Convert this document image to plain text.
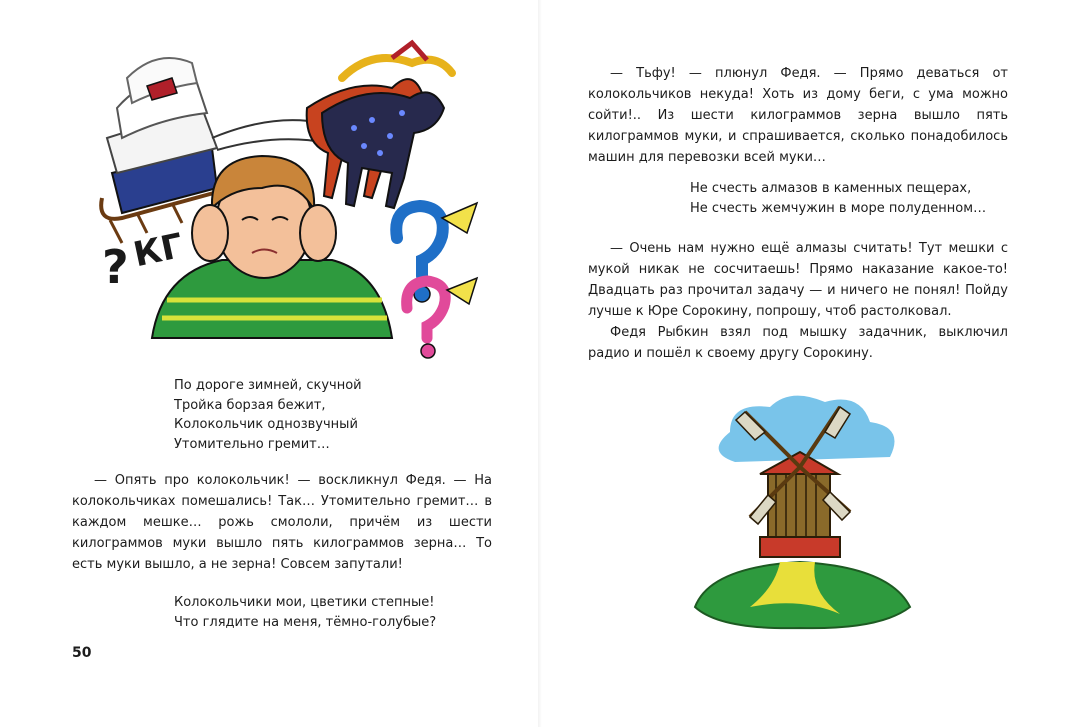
? КГ
По дороге зимней, скучной
Тройка борзая бежит,
Колокольчик однозвучный
Утомительно гремит…

— Опять про колокольчик! — воскликнул Федя. — На колокольчиках помешались! Так… Утомительно гремит… в каждом мешке… рожь смололи, причём из шести килограммов муки вышло пять килограммов зерна… То есть муки вышло, а не зерна! Совсем запутали!

Колокольчики мои, цветики степные!
Что глядите на меня, тёмно-голубые?
50

— Тьфу! — плюнул Федя. — Прямо деваться от колокольчиков некуда! Хоть из дому беги, с ума можно сойти!.. Из шести килограммов зерна вышло пять килограммов муки, и спрашивается, сколько понадобилось машин для перевозки всей муки…

Не счесть алмазов в каменных пещерах,
Не счесть жемчужин в море полуденном…

— Очень нам нужно ещё алмазы считать! Тут мешки с мукой никак не сосчитаешь! Прямо наказание какое-то! Двадцать раз прочитал задачу — и ничего не понял! Пойду лучше к Юре Сорокину, попрошу, чтоб растолковал.

Федя Рыбкин взял под мышку задачник, выключил радио и пошёл к своему другу Сорокину.
